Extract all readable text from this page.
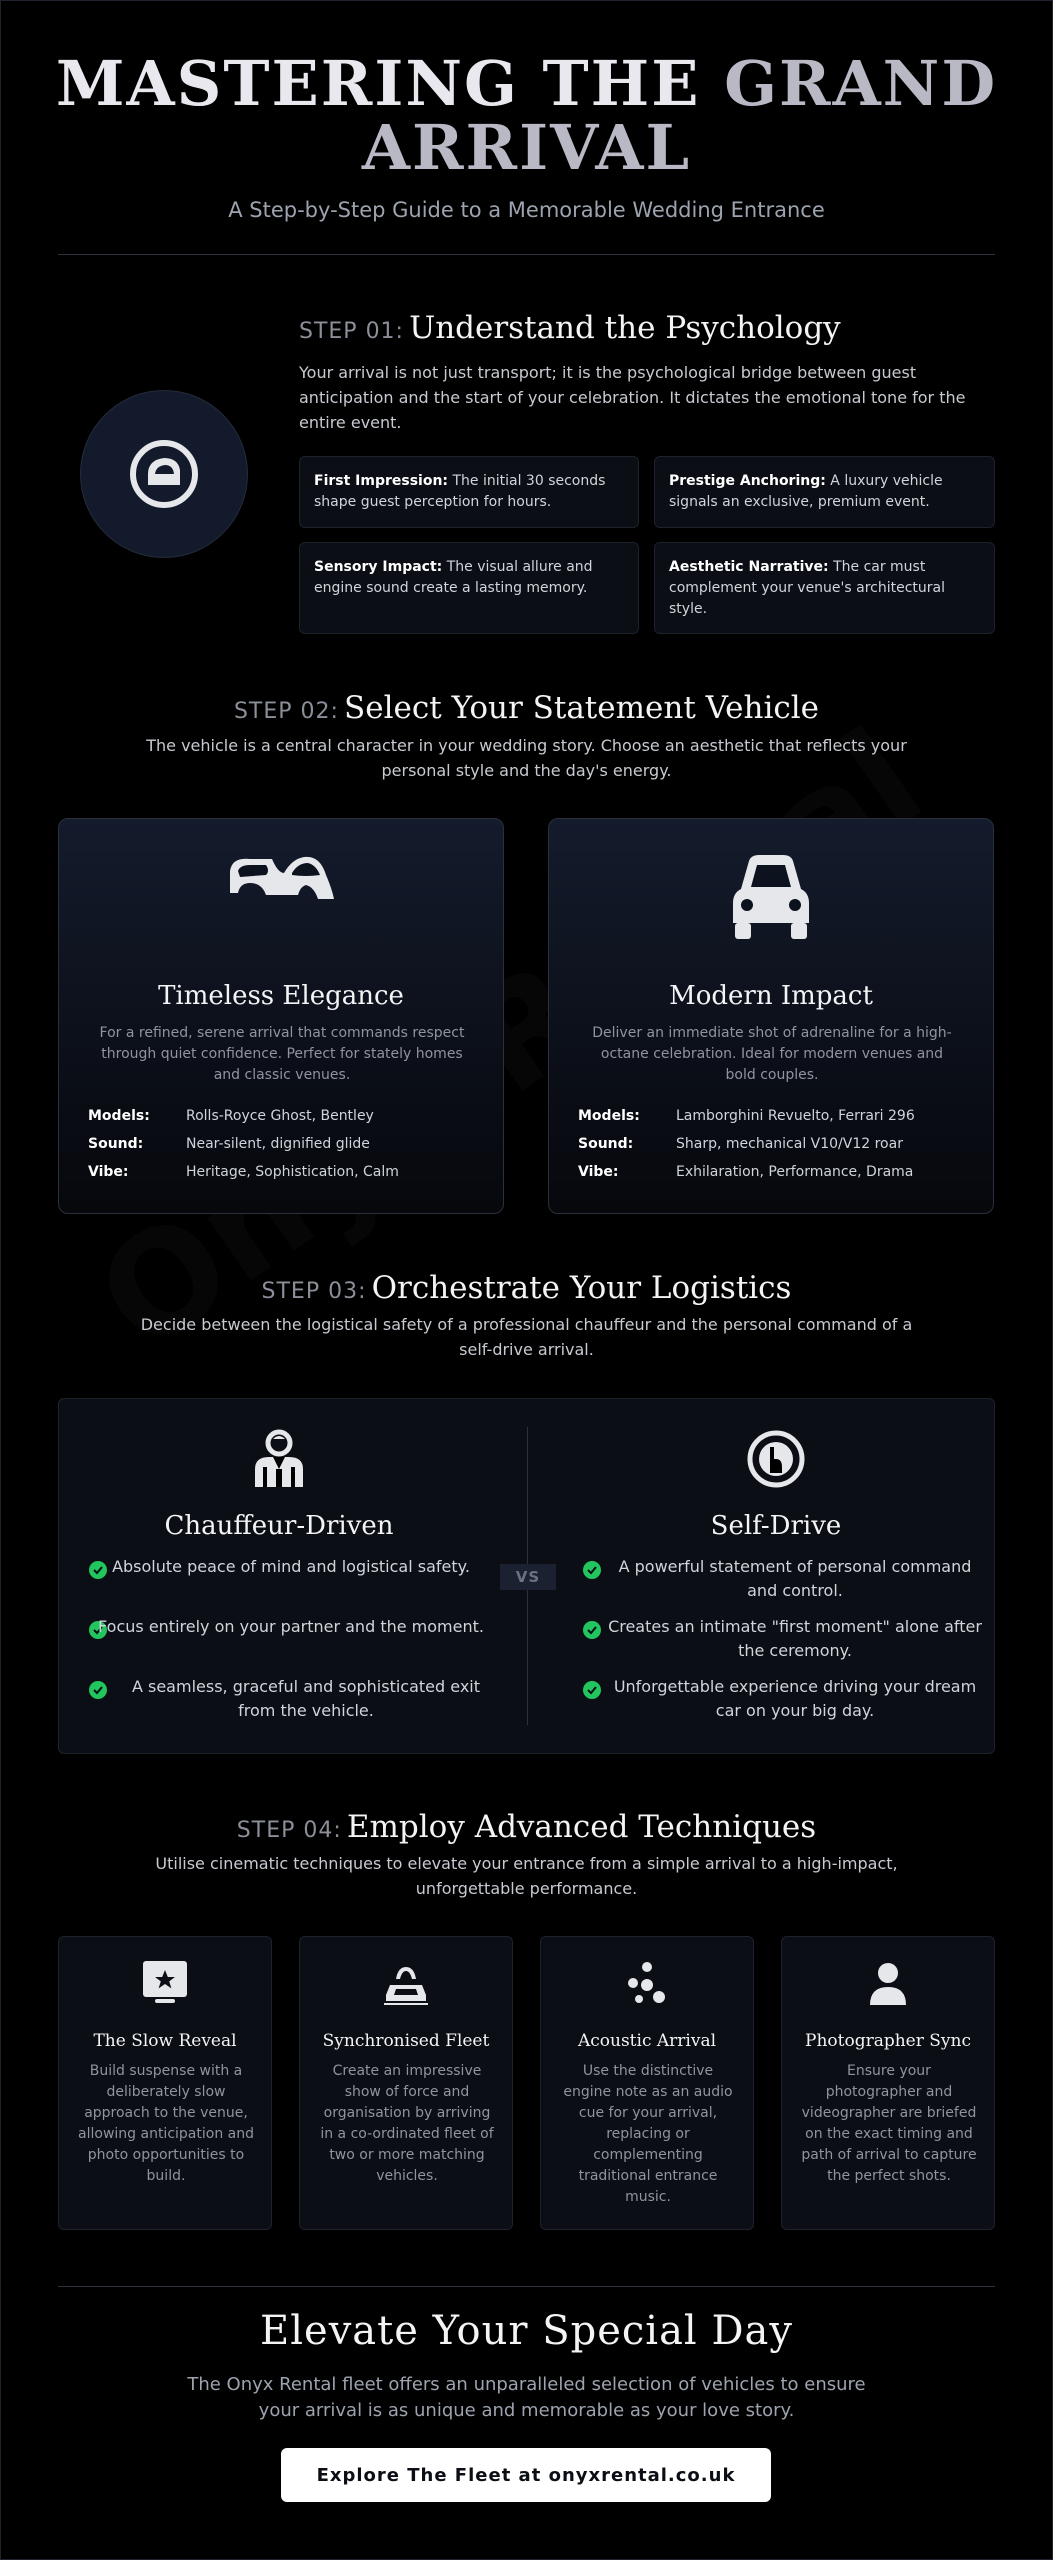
MASTERING THE GRAND
ARRIVAL
A Step-by-Step Guide to a Memorable Wedding Entrance
STEP 01: Understand the Psychology
Your arrival is not just transport; it is the psychological bridge between guest anticipation and the start of your celebration. It dictates the emotional tone for the entire event.
First Impression: The initial 30 seconds shape guest perception for hours.
Prestige Anchoring: A luxury vehicle signals an exclusive, premium event.
Sensory Impact: The visual allure and engine sound create a lasting memory.
Aesthetic Narrative: The car must complement your venue's architectural style.
STEP 02: Select Your Statement Vehicle
The vehicle is a central character in your wedding story. Choose an aesthetic that reflects your personal style and the day's energy.
Timeless Elegance
For a refined, serene arrival that commands respect through quiet confidence. Perfect for stately homes and classic venues.
Models:	Rolls-Royce Ghost, Bentley
Sound:	Near-silent, dignified glide
Vibe:	Heritage, Sophistication, Calm
Modern Impact
Deliver an immediate shot of adrenaline for a high-octane celebration. Ideal for modern venues and bold couples.
Models:	Lamborghini Revuelto, Ferrari 296
Sound:	Sharp, mechanical V10/V12 roar
Vibe:	Exhilaration, Performance, Drama
STEP 03: Orchestrate Your Logistics
Decide between the logistical safety of a professional chauffeur and the personal command of a self-drive arrival.
VS
Chauffeur-Driven
Absolute peace of mind and logistical safety.
Focus entirely on your partner and the moment.
A seamless, graceful and sophisticated exit from the vehicle.
Self-Drive
A powerful statement of personal command and control.
Creates an intimate "first moment" alone after the ceremony.
Unforgettable experience driving your dream car on your big day.
STEP 04: Employ Advanced Techniques
Utilise cinematic techniques to elevate your entrance from a simple arrival to a high-impact, unforgettable performance.
The Slow Reveal
Build suspense with a deliberately slow approach to the venue, allowing anticipation and photo opportunities to build.
Synchronised Fleet
Create an impressive show of force and organisation by arriving in a co-ordinated fleet of two or more matching vehicles.
Acoustic Arrival
Use the distinctive engine note as an audio cue for your arrival, replacing or complementing traditional entrance music.
Photographer Sync
Ensure your photographer and videographer are briefed on the exact timing and path of arrival to capture the perfect shots.
Elevate Your Special Day
The Onyx Rental fleet offers an unparalleled selection of vehicles to ensure your arrival is as unique and memorable as your love story.
Explore The Fleet at onyxrental.co.uk
